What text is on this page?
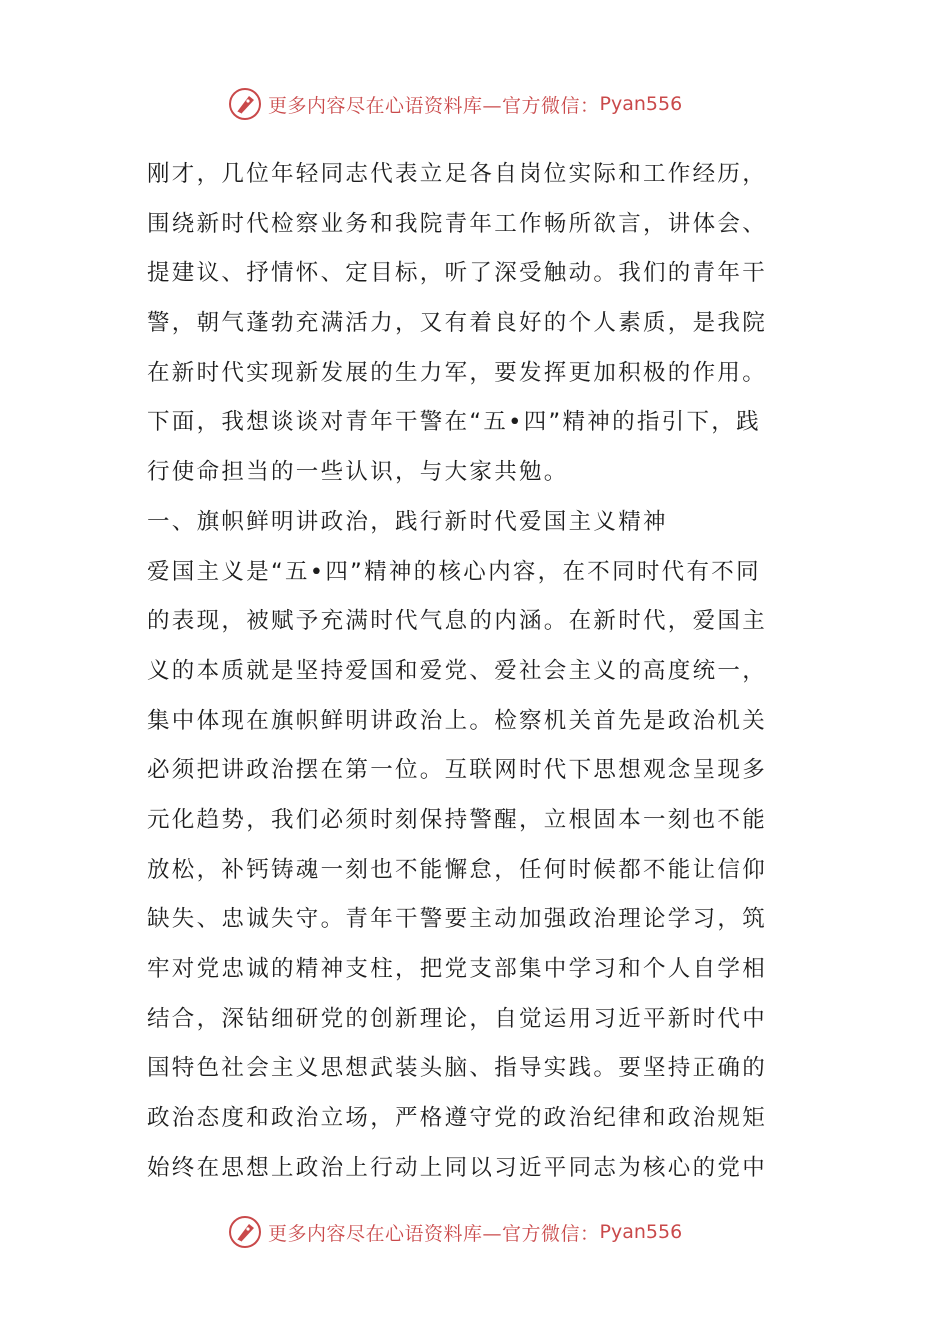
更多内容尽在心语资料库—官方微信： Pyan556
刚才，几位年轻同志代表立足各自岗位实际和工作经历，
围绕新时代检察业务和我院青年工作畅所欲言，讲体会、
提建议、抒情怀、定目标，听了深受触动。我们的青年干
警，朝气蓬勃充满活力，又有着良好的个人素质，是我院
在新时代实现新发展的生力军，要发挥更加积极的作用。
下面，我想谈谈对青年干警在“五•四”精神的指引下，践
行使命担当的一些认识，与大家共勉。
一、旗帜鲜明讲政治，践行新时代爱国主义精神
爱国主义是“五•四”精神的核心内容，在不同时代有不同
的表现，被赋予充满时代气息的内涵。在新时代，爱国主
义的本质就是坚持爱国和爱党、爱社会主义的高度统一，
集中体现在旗帜鲜明讲政治上。检察机关首先是政治机关
必须把讲政治摆在第一位。互联网时代下思想观念呈现多
元化趋势，我们必须时刻保持警醒，立根固本一刻也不能
放松，补钙铸魂一刻也不能懈怠，任何时候都不能让信仰
缺失、忠诚失守。青年干警要主动加强政治理论学习，筑
牢对党忠诚的精神支柱，把党支部集中学习和个人自学相
结合，深钻细研党的创新理论，自觉运用习近平新时代中
国特色社会主义思想武装头脑、指导实践。要坚持正确的
政治态度和政治立场，严格遵守党的政治纪律和政治规矩
始终在思想上政治上行动上同以习近平同志为核心的党中
更多内容尽在心语资料库—官方微信： Pyan556
